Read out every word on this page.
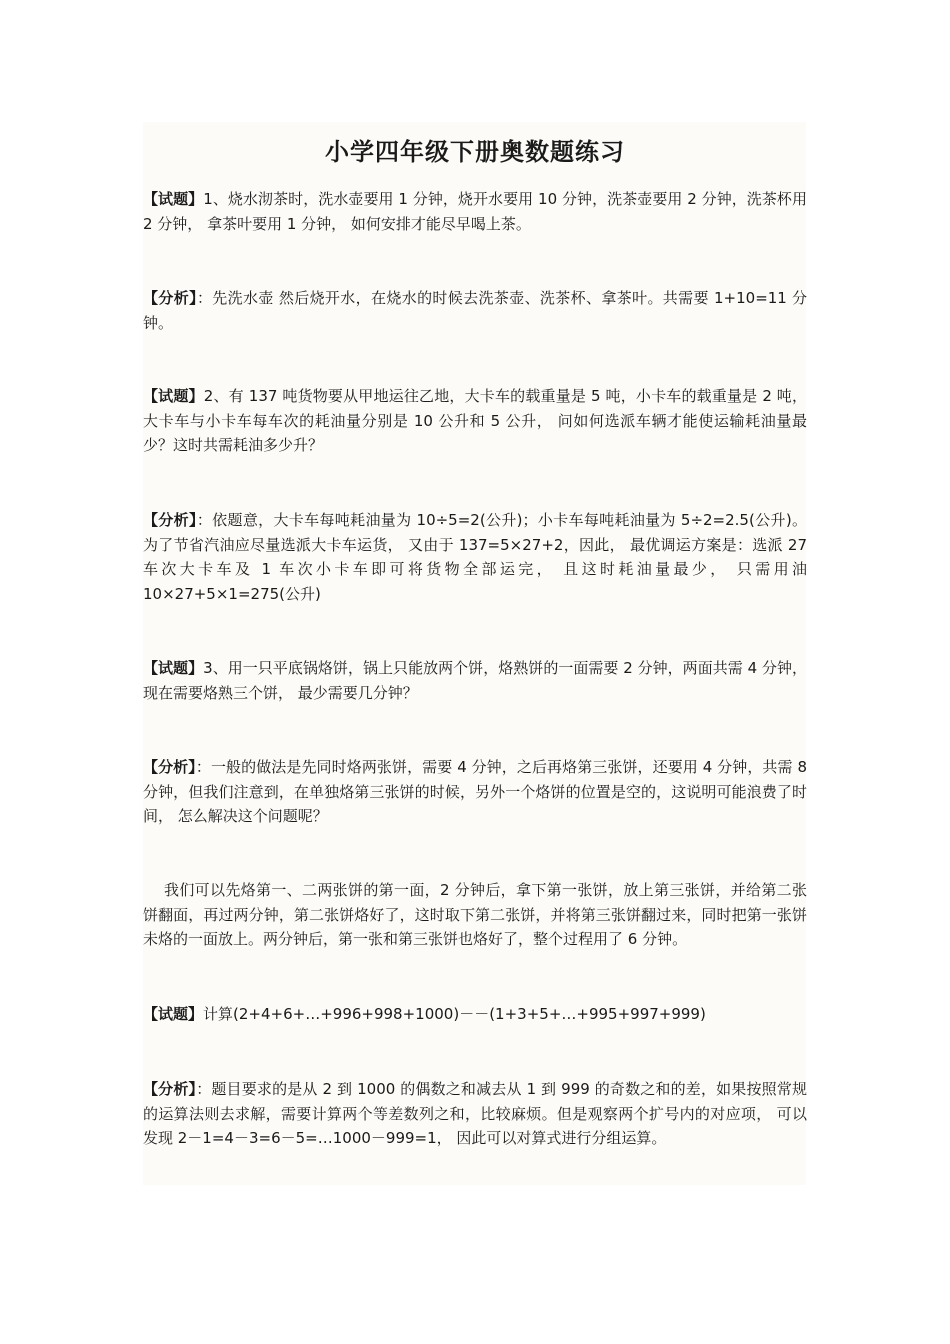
小学四年级下册奥数题练习

【试题】1、烧水沏茶时，洗水壶要用 1 分钟，烧开水要用 10 分钟，洗茶壶要用 2 分钟，洗茶杯用 2 分钟， 拿茶叶要用 1 分钟， 如何安排才能尽早喝上茶。

【分析】：先洗水壶 然后烧开水，在烧水的时候去洗茶壶、洗茶杯、拿茶叶。共需要 1+10=11 分钟。

【试题】2、有 137 吨货物要从甲地运往乙地，大卡车的载重量是 5 吨，小卡车的载重量是 2 吨， 大卡车与小卡车每车次的耗油量分别是 10 公升和 5 公升， 问如何选派车辆才能使运输耗油量最少？这时共需耗油多少升？

【分析】：依题意，大卡车每吨耗油量为 10÷5=2(公升)；小卡车每吨耗油量为 5÷2=2.5(公升)。为了节省汽油应尽量选派大卡车运货， 又由于 137=5×27+2，因此， 最优调运方案是：选派 27 车次大卡车及 1 车次小卡车即可将货物全部运完， 且这时耗油量最少， 只需用油 10×27+5×1=275(公升)

【试题】3、用一只平底锅烙饼，锅上只能放两个饼，烙熟饼的一面需要 2 分钟，两面共需 4 分钟， 现在需要烙熟三个饼， 最少需要几分钟？

【分析】：一般的做法是先同时烙两张饼，需要 4 分钟，之后再烙第三张饼，还要用 4 分钟，共需 8 分钟，但我们注意到，在单独烙第三张饼的时候，另外一个烙饼的位置是空的，这说明可能浪费了时间， 怎么解决这个问题呢？

我们可以先烙第一、二两张饼的第一面，2 分钟后，拿下第一张饼，放上第三张饼，并给第二张饼翻面，再过两分钟，第二张饼烙好了，这时取下第二张饼，并将第三张饼翻过来，同时把第一张饼未烙的一面放上。两分钟后，第一张和第三张饼也烙好了，整个过程用了 6 分钟。

【试题】计算(2+4+6+…+996+998+1000)－－(1+3+5+…+995+997+999)

【分析】：题目要求的是从 2 到 1000 的偶数之和减去从 1 到 999 的奇数之和的差，如果按照常规的运算法则去求解，需要计算两个等差数列之和，比较麻烦。但是观察两个扩号内的对应项， 可以发现 2－1=4－3=6－5=…1000－999=1， 因此可以对算式进行分组运算。
